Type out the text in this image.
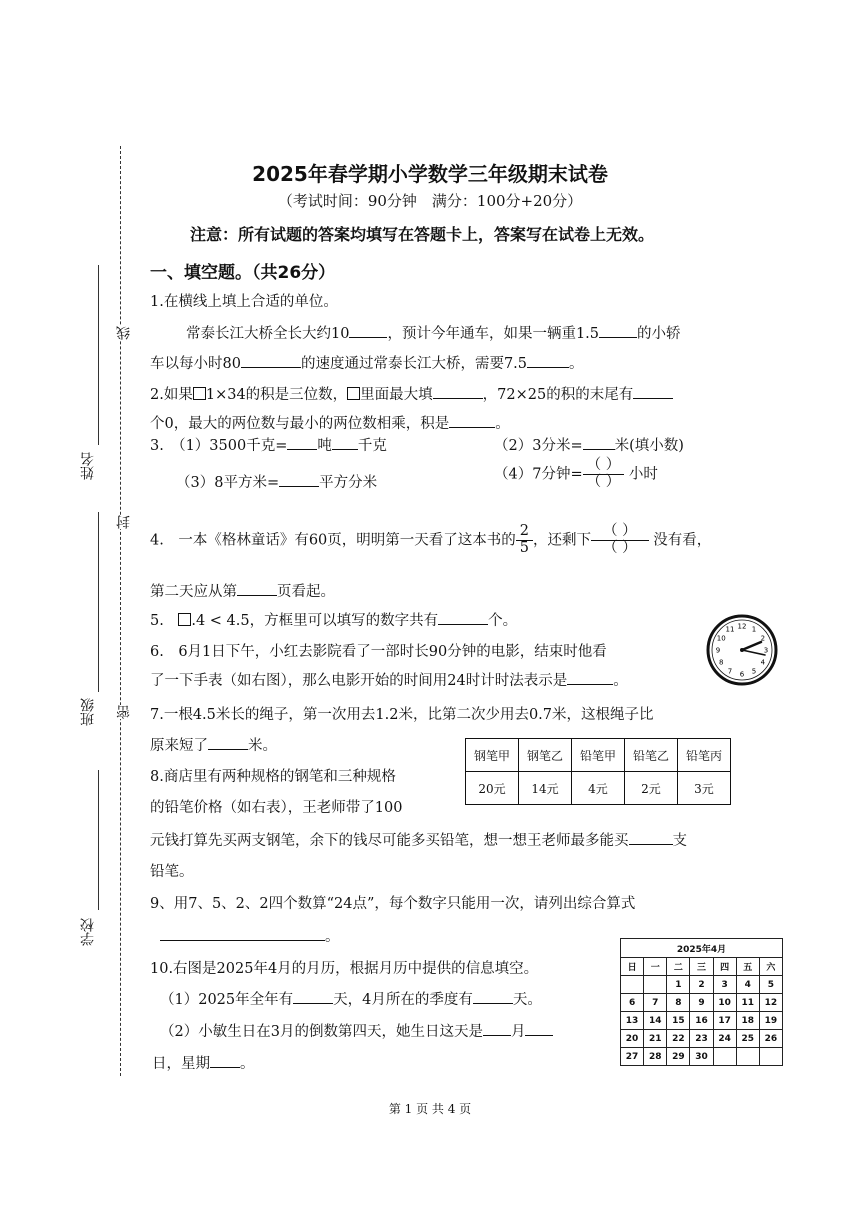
线
封
密
姓名
班级
学校
2025年春学期小学数学三年级期末试卷
（考试时间：90分钟　满分：100分+20分）
注意：所有试题的答案均填写在答题卡上，答案写在试卷上无效。
一、填空题。（共26分）
1.在横线上填上合适的单位。
常泰长江大桥全长大约10	，预计今年通车，如果一辆重1.5	的小轿
车以每小时80	的速度通过常泰长江大桥，需要7.5	。
2.如果 1×34的积是三位数， 里面最大填	，72×25的积的末尾有
个0，最大的两位数与最小的两位数相乘，积是	。
3.　（1）3500千克= 吨 千克	（2）3分米= 米(填小数)
（3）8平方米=	平方分米
（4）7分钟= $\frac{( )}{( )}$ 小时
4.　一本《格林童话》有60页，明明第一天看了这本书的 $\frac{2}{5}$ ，还剩下 $\frac{( )}{( )}$ 没有看，
第二天应从第	页看起。
5.　.4 < 4.5，方框里可以填写的数字共有	个。
6.　6月1日下午，小红去影院看了一部时长90分钟的电影，结束时他看
了一下手表（如右图），那么电影开始的时间用24时计时法表示是	。
12 1
2
3
4
5
6
7
8
9
10
11
7.一根4.5米长的绳子，第一次用去1.2米，比第二次少用去0.7米，这根绳子比
原来短了	米。
钢笔甲	钢笔乙	铅笔甲	铅笔乙	铅笔丙
20元	14元	4元	2元	3元
8.商店里有两种规格的钢笔和三种规格
的铅笔价格（如右表），王老师带了100
元钱打算先买两支钢笔，余下的钱尽可能多买铅笔，想一想王老师最多能买	支
铅笔。
9、用7、5、2、2四个数算“24点”，每个数字只能用一次，请列出综合算式
。
10.右图是2025年4月的月历，根据月历中提供的信息填空。
（1）2025年全年有	天，4月所在的季度有	天。
（2）小敏生日在3月的倒数第四天，她生日这天是 月
日，星期 。
2025年4月						
日	一	二	三	四	五	六
		1	2	3	4	5
6	7	8	9	10	11	12
13	14	15	16	17	18	19
20	21	22	23	24	25	26
27	28	29	30			
第 1 页 共 4 页
